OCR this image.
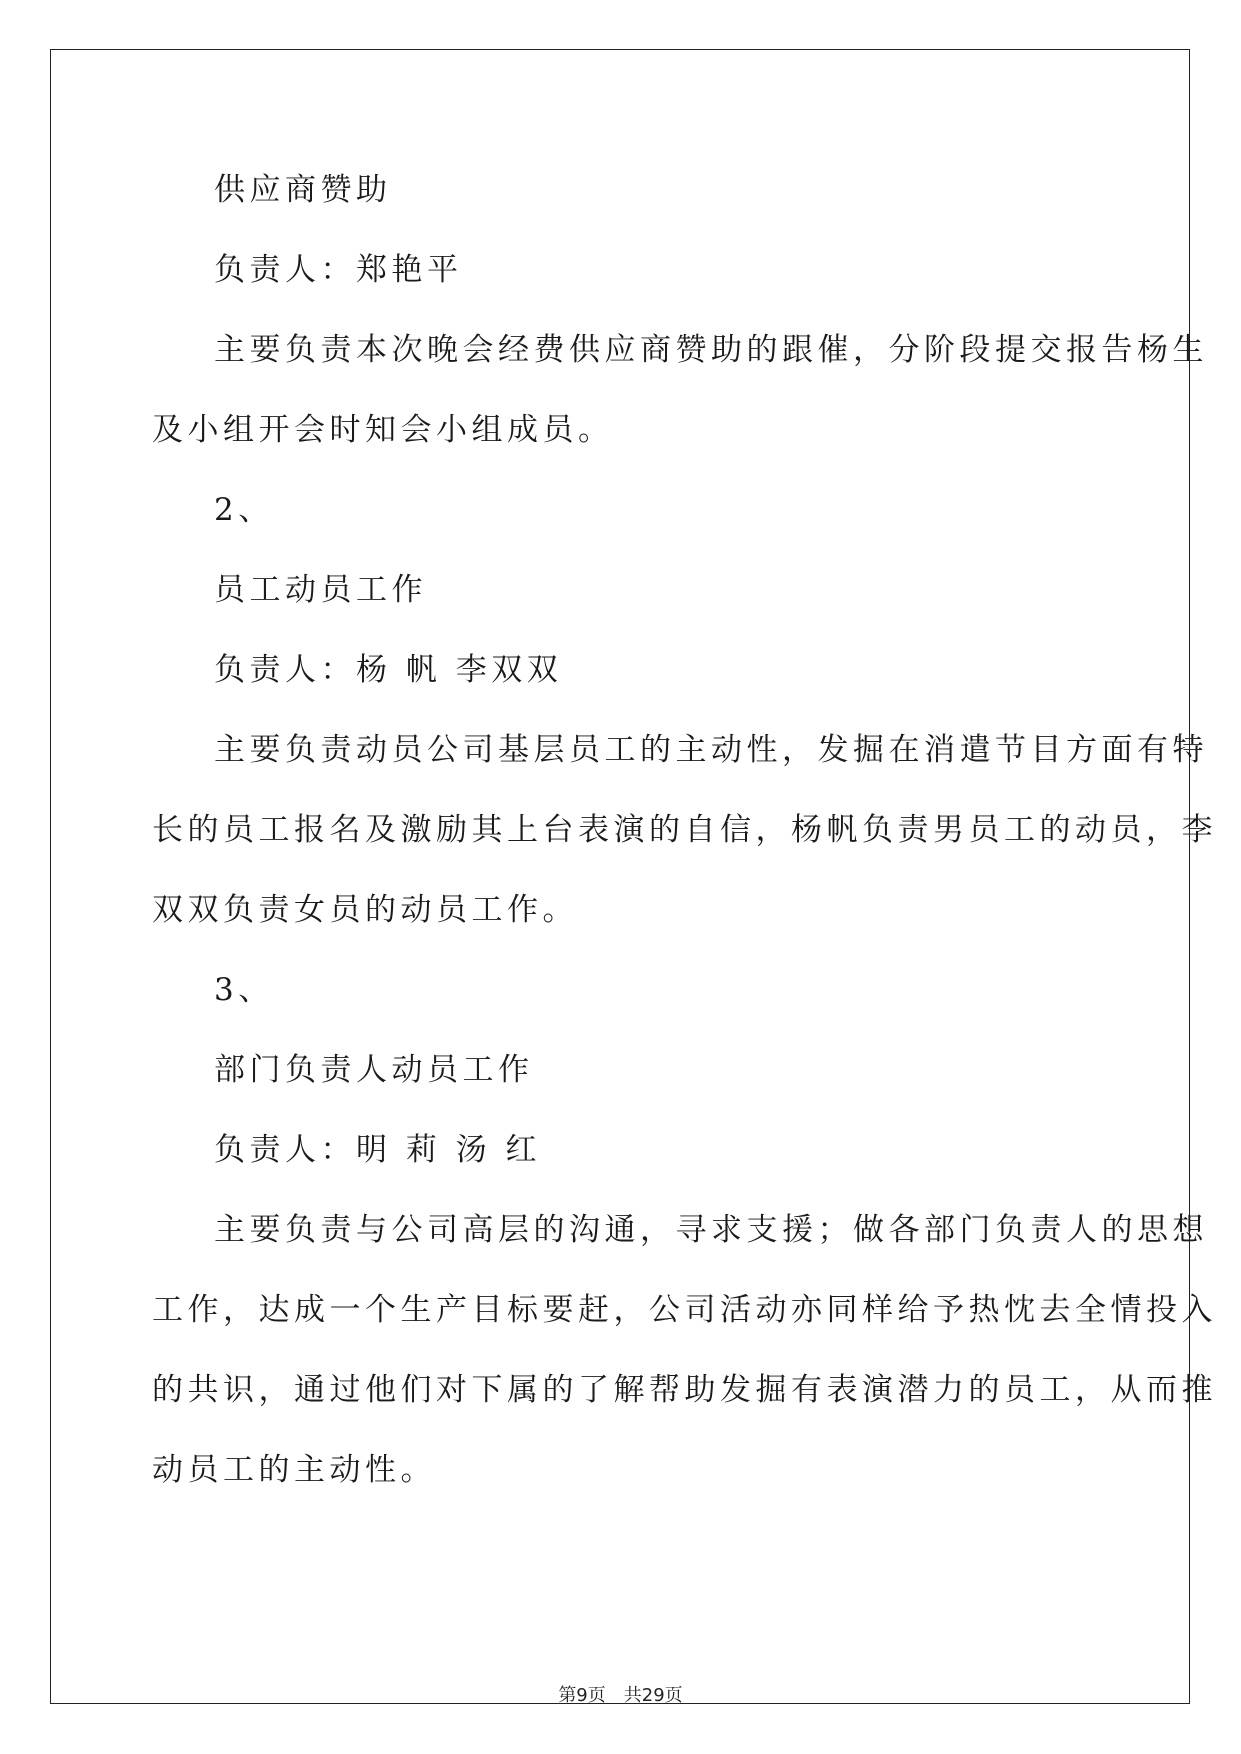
供应商赞助
负责人：郑艳平
主要负责本次晚会经费供应商赞助的跟催，分阶段提交报告杨生
及小组开会时知会小组成员。
2、
员工动员工作
负责人：杨 帆 李双双
主要负责动员公司基层员工的主动性，发掘在消遣节目方面有特
长的员工报名及激励其上台表演的自信，杨帆负责男员工的动员，李
双双负责女员的动员工作。
3、
部门负责人动员工作
负责人：明 莉 汤 红
主要负责与公司高层的沟通，寻求支援；做各部门负责人的思想
工作，达成一个生产目标要赶，公司活动亦同样给予热忱去全情投入
的共识，通过他们对下属的了解帮助发掘有表演潜力的员工，从而推
动员工的主动性。
第9页　共29页
